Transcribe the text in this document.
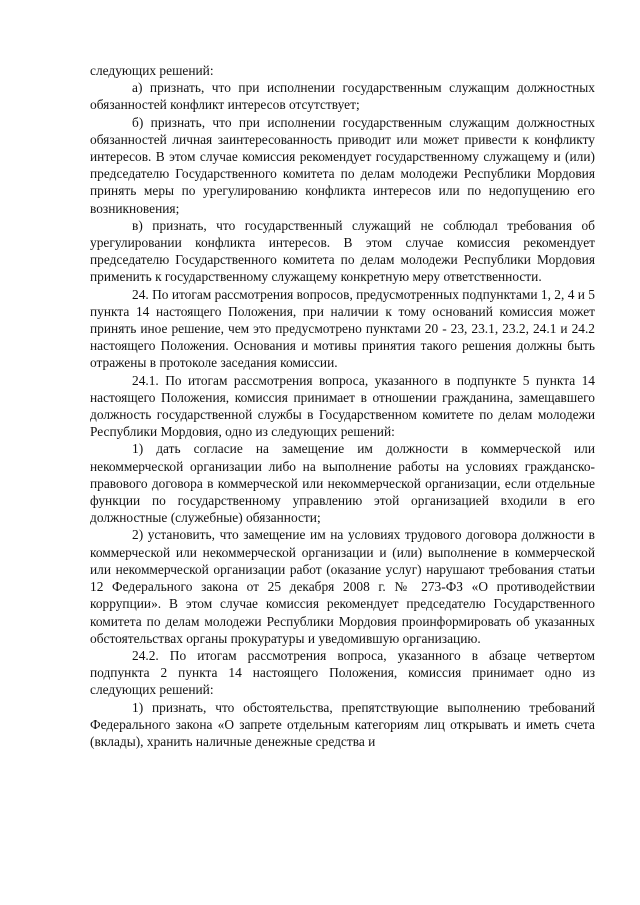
следующих решений:

а) признать, что при исполнении государственным служащим должностных обязанностей конфликт интересов отсутствует;

б) признать, что при исполнении государственным служащим должностных обязанностей личная заинтересованность приводит или может привести к конфликту интересов. В этом случае комиссия рекомендует государственному служащему и (или) председателю Государственного комитета по делам молодежи Республики Мордовия принять меры по урегулированию конфликта интересов или по недопущению его возникновения;

в) признать, что государственный служащий не соблюдал требования об урегулировании конфликта интересов. В этом случае комиссия рекомендует председателю Государственного комитета по делам молодежи Республики Мордовия применить к государственному служащему конкретную меру ответственности.

24. По итогам рассмотрения вопросов, предусмотренных подпунктами 1, 2, 4 и 5 пункта 14 настоящего Положения, при наличии к тому оснований комиссия может принять иное решение, чем это предусмотрено пунктами 20 - 23, 23.1, 23.2, 24.1 и 24.2 настоящего Положения. Основания и мотивы принятия такого решения должны быть отражены в протоколе заседания комиссии.

24.1. По итогам рассмотрения вопроса, указанного в подпункте 5 пункта 14 настоящего Положения, комиссия принимает в отношении гражданина, замещавшего должность государственной службы в Государственном комитете по делам молодежи Республики Мордовия, одно из следующих решений:

1) дать согласие на замещение им должности в коммерческой или некоммерческой организации либо на выполнение работы на условиях гражданско-правового договора в коммерческой или некоммерческой организации, если отдельные функции по государственному управлению этой организацией входили в его должностные (служебные) обязанности;

2) установить, что замещение им на условиях трудового договора должности в коммерческой или некоммерческой организации и (или) выполнение в коммерческой или некоммерческой организации работ (оказание услуг) нарушают требования статьи 12 Федерального закона от 25 декабря 2008 г. № 273-ФЗ «О противодействии коррупции». В этом случае комиссия рекомендует председателю Государственного комитета по делам молодежи Республики Мордовия проинформировать об указанных обстоятельствах органы прокуратуры и уведомившую организацию.

24.2. По итогам рассмотрения вопроса, указанного в абзаце четвертом подпункта 2 пункта 14 настоящего Положения, комиссия принимает одно из следующих решений:

1) признать, что обстоятельства, препятствующие выполнению требований Федерального закона «О запрете отдельным категориям лиц открывать и иметь счета (вклады), хранить наличные денежные средства и
